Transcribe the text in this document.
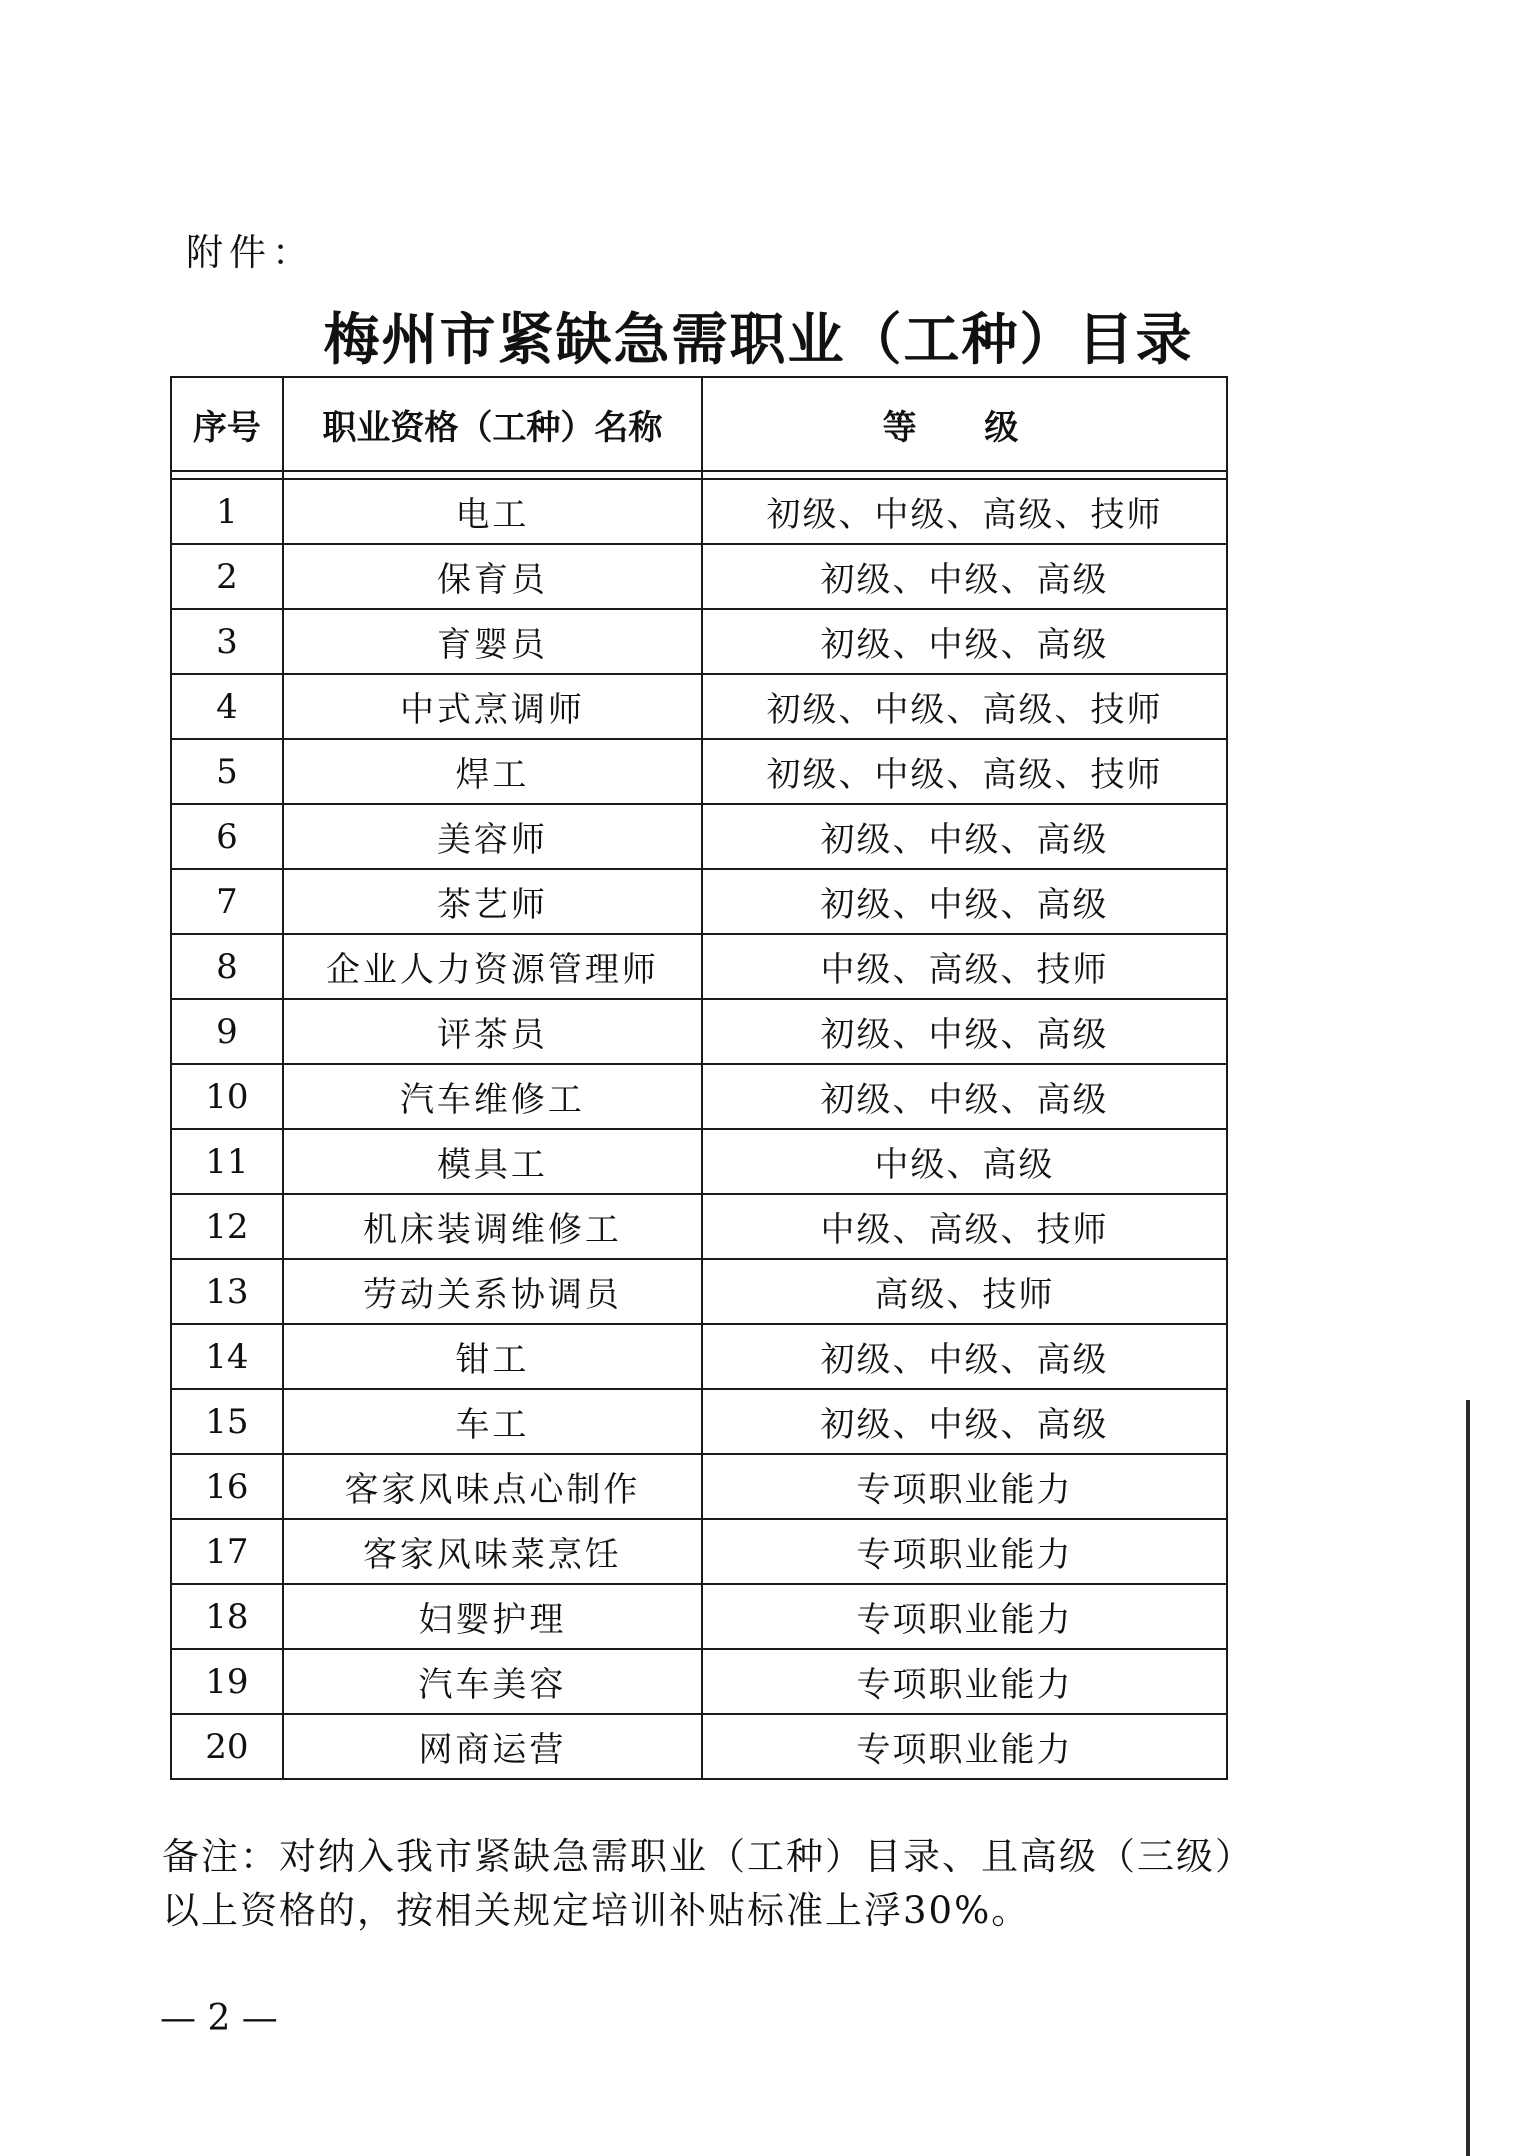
附件：
梅州市紧缺急需职业（工种）目录
序号	职业资格（工种）名称	等 级

1	电工	初级、中级、高级、技师
2	保育员	初级、中级、高级
3	育婴员	初级、中级、高级
4	中式烹调师	初级、中级、高级、技师
5	焊工	初级、中级、高级、技师
6	美容师	初级、中级、高级
7	茶艺师	初级、中级、高级
8	企业人力资源管理师	中级、高级、技师
9	评茶员	初级、中级、高级
10	汽车维修工	初级、中级、高级
11	模具工	中级、高级
12	机床装调维修工	中级、高级、技师
13	劳动关系协调员	高级、技师
14	钳工	初级、中级、高级
15	车工	初级、中级、高级
16	客家风味点心制作	专项职业能力
17	客家风味菜烹饪	专项职业能力
18	妇婴护理	专项职业能力
19	汽车美容	专项职业能力
20	网商运营	专项职业能力
备注：对纳入我市紧缺急需职业（工种）目录、且高级（三级）以上资格的，按相关规定培训补贴标准上浮30%。
— 2 —
